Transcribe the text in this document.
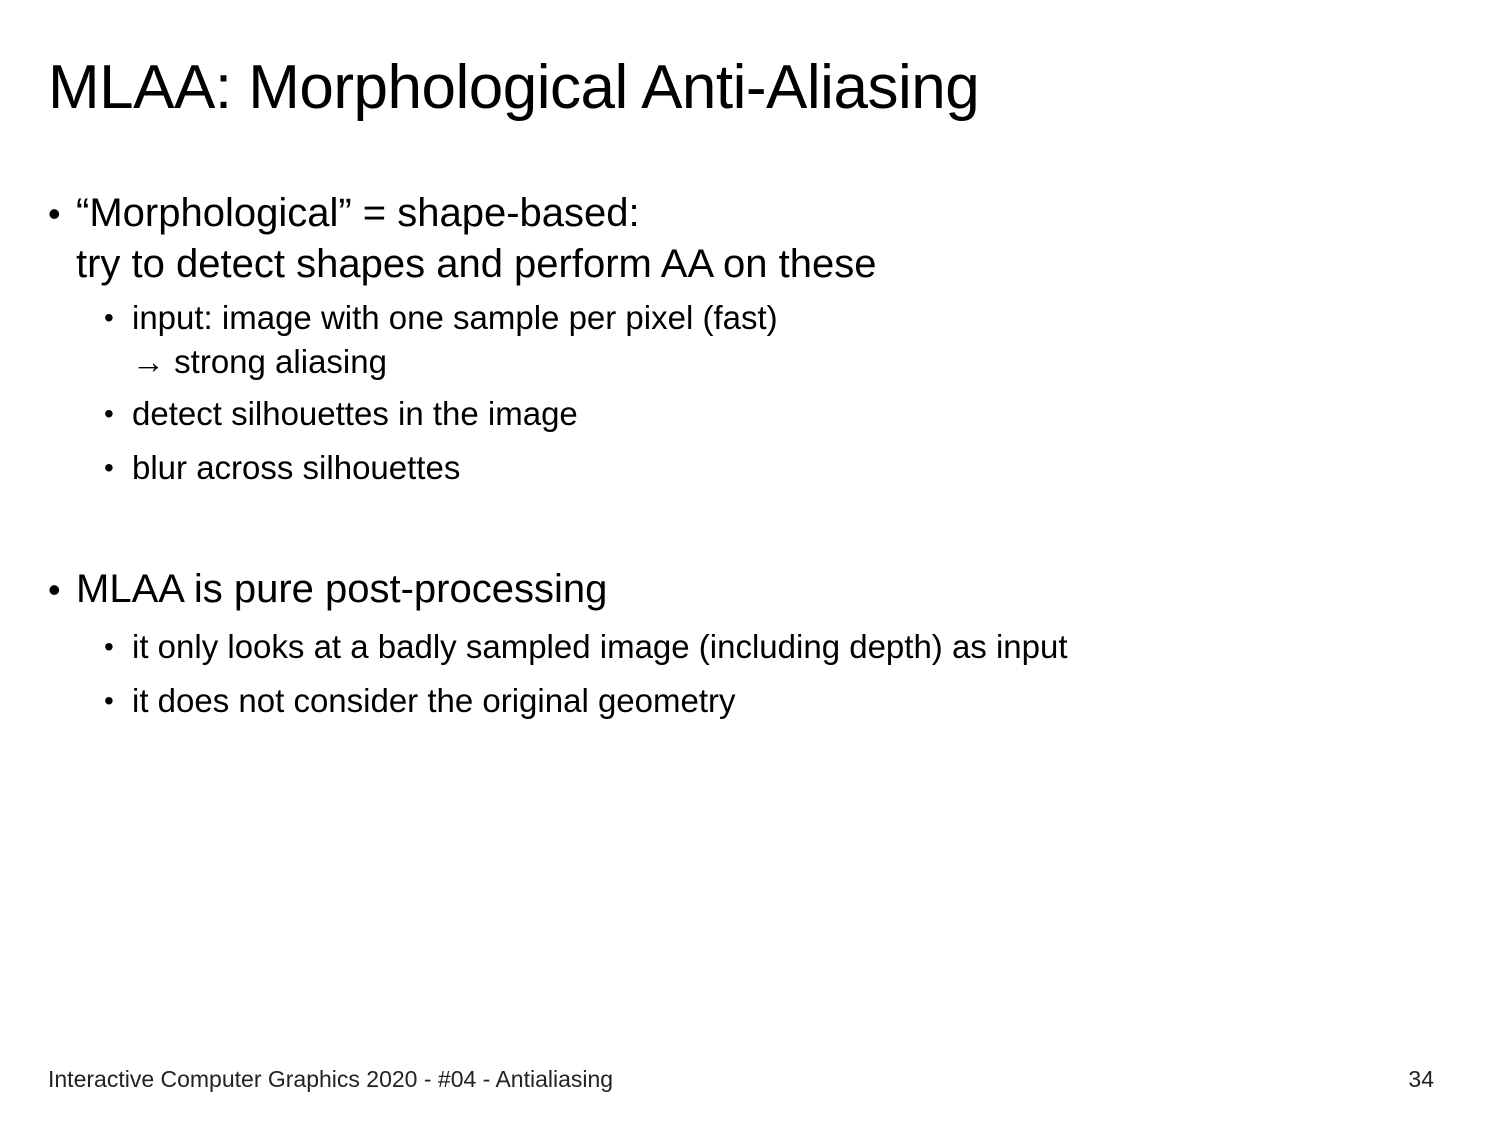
MLAA: Morphological Anti-Aliasing
• “Morphological” = shape-based:
try to detect shapes and perform AA on these
• input: image with one sample per pixel (fast)
→ strong aliasing
• detect silhouettes in the image
• blur across silhouettes
• MLAA is pure post-processing
• it only looks at a badly sampled image (including depth) as input
• it does not consider the original geometry
Interactive Computer Graphics 2020 - #04 - Antialiasing	34
